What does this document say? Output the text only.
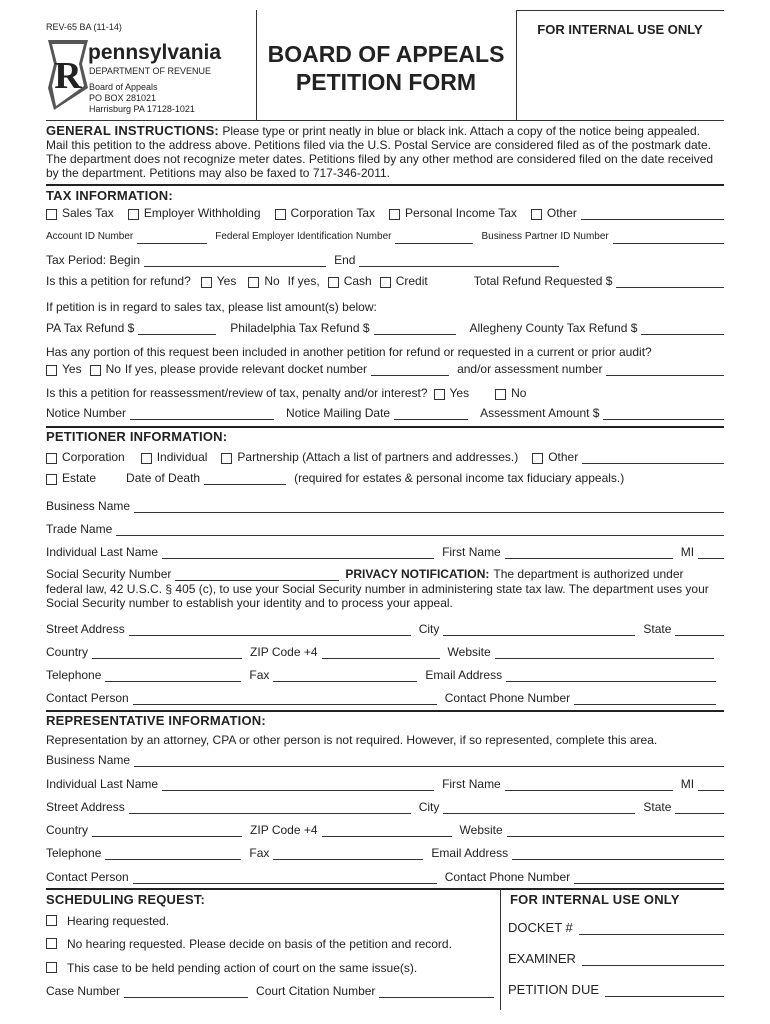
REV-65 BA (11-14)
R
pennsylvania
DEPARTMENT OF REVENUE
Board of Appeals
PO BOX 281021
Harrisburg PA 17128-1021
BOARD OF APPEALS
PETITION FORM
FOR INTERNAL USE ONLY
GENERAL INSTRUCTIONS: Please type or print neatly in blue or black ink. Attach a copy of the notice being appealed.
Mail this petition to the address above. Petitions filed via the U.S. Postal Service are considered filed as of the postmark date.
The department does not recognize meter dates. Petitions filed by any other method are considered filed on the date received
by the department. Petitions may also be faxed to 717-346-2011.
TAX INFORMATION:
Sales Tax	Employer Withholding	Corporation Tax	Personal Income Tax	Other
Account ID Number	Federal Employer Identification Number	Business Partner ID Number
Tax Period: Begin	End
Is this a petition for refund? Yes No If yes, Cash Credit	Total Refund Requested $
If petition is in regard to sales tax, please list amount(s) below:
PA Tax Refund $	Philadelphia Tax Refund $	Allegheny County Tax Refund $
Has any portion of this request been included in another petition for refund or requested in a current or prior audit?
Yes No If yes, please provide relevant docket number	and/or assessment number
Is this a petition for reassessment/review of tax, penalty and/or interest? Yes	No
Notice Number	Notice Mailing Date	Assessment Amount $
PETITIONER INFORMATION:
Corporation	Individual	Partnership (Attach a list of partners and addresses.)	Other
Estate	Date of Death	(required for estates & personal income tax fiduciary appeals.)
Business Name
Trade Name
Individual Last Name	First Name	MI
Social Security Number	PRIVACY NOTIFICATION: The department is authorized under
federal law, 42 U.S.C. § 405 (c), to use your Social Security number in administering state tax law. The department uses your
Social Security number to establish your identity and to process your appeal.
Street Address	City	State
Country	ZIP Code +4	Website
Telephone	Fax	Email Address
Contact Person	Contact Phone Number
REPRESENTATIVE INFORMATION:
Representation by an attorney, CPA or other person is not required. However, if so represented, complete this area.
Business Name
Individual Last Name	First Name	MI
Street Address	City	State
Country	ZIP Code +4	Website
Telephone	Fax	Email Address
Contact Person	Contact Phone Number
SCHEDULING REQUEST:
Hearing requested.
No hearing requested. Please decide on basis of the petition and record.
This case to be held pending action of court on the same issue(s).
Case Number	Court Citation Number
FOR INTERNAL USE ONLY
DOCKET #
EXAMINER
PETITION DUE
